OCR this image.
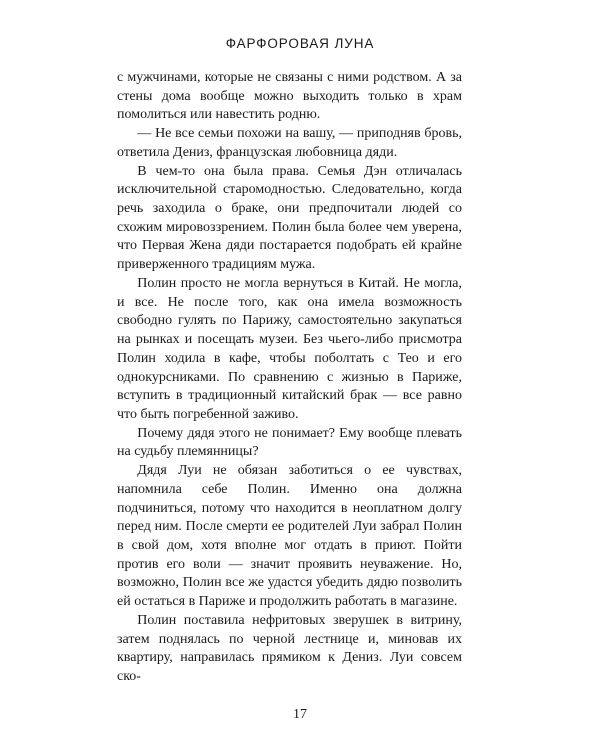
ФАРФОРОВАЯ ЛУНА

с мужчинами, которые не связаны с ними родством. А за стены дома вообще можно выходить только в храм помолиться или навестить родню.

— Не все семьи похожи на вашу, — приподняв бровь, ответила Дениз, французская любовница дяди.

В чем-то она была права. Семья Дэн отличалась исключительной старомодностью. Следовательно, когда речь заходила о браке, они предпочитали людей со схожим мировоззрением. Полин была более чем уверена, что Первая Жена дяди постарается подобрать ей крайне приверженного традициям мужа.

Полин просто не могла вернуться в Китай. Не могла, и все. Не после того, как она имела возможность свободно гулять по Парижу, самостоятельно закупаться на рынках и посещать музеи. Без чьего-либо присмотра Полин ходила в кафе, чтобы поболтать с Тео и его однокурсниками. По сравнению с жизнью в Париже, вступить в традиционный китайский брак — все равно что быть погребенной заживо.

Почему дядя этого не понимает? Ему вообще плевать на судьбу племянницы?

Дядя Луи не обязан заботиться о ее чувствах, напомнила себе Полин. Именно она должна подчиниться, потому что находится в неоплатном долгу перед ним. После смерти ее родителей Луи забрал Полин в свой дом, хотя вполне мог отдать в приют. Пойти против его воли — значит проявить неуважение. Но, возможно, Полин все же удастся убедить дядю позволить ей остаться в Париже и продолжить работать в магазине.

Полин поставила нефритовых зверушек в витрину, затем поднялась по черной лестнице и, миновав их квартиру, направилась прямиком к Дениз. Луи совсем ско-

17
